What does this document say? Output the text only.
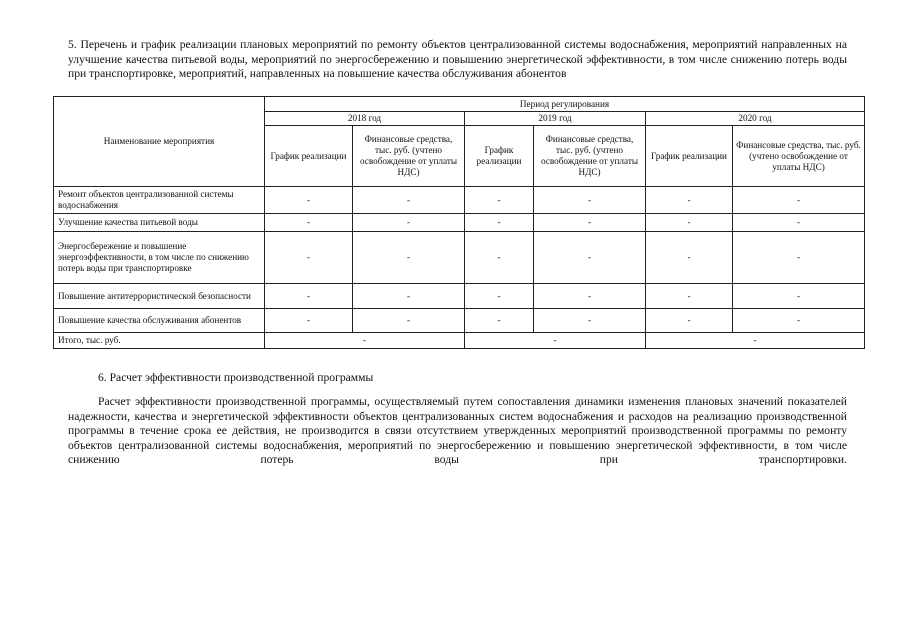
5. Перечень и график реализации плановых мероприятий по ремонту объектов централизованной системы водоснабжения, мероприятий направленных на улучшение качества питьевой воды, мероприятий по энергосбережению и повышению энергетической эффективности, в том числе снижению потерь воды при транспортировке, мероприятий, направленных на повышение качества обслуживания абонентов
Наименование мероприятия	Период регулирования					
	2018 год		2019 год		2020 год	
	График реализации	Финансовые средства, тыс. руб. (учтено освобождение от уплаты НДС)	График реализации	Финансовые средства, тыс. руб. (учтено освобождение от уплаты НДС)	График реализации	Финансовые средства, тыс. руб. (учтено освобождение от уплаты НДС)
Ремонт объектов централизованной системы водоснабжения	-	-	-	-	-	-
Улучшение качества питьевой воды	-	-	-	-	-	-
Энергосбережение и повышение энергоэффективности, в том числе по снижению потерь воды при транспортировке	-	-	-	-	-	-
Повышение антитеррористической безопасности	-	-	-	-	-	-
Повышение качества обслуживания абонентов	-	-	-	-	-	-
Итого, тыс. руб.	-		-		-	
6. Расчет эффективности производственной программы
Расчет эффективности производственной программы, осуществляемый путем сопоставления динамики изменения плановых значений показателей надежности, качества и энергетической эффективности объектов централизованных систем водоснабжения и расходов на реализацию производственной программы в течение срока ее действия, не производится в связи отсутствием утвержденных мероприятий производственной программы по ремонту объектов централизованной системы водоснабжения, мероприятий по энергосбережению и повышению энергетической эффективности, в том числе снижению потерь воды при транспортировки.
